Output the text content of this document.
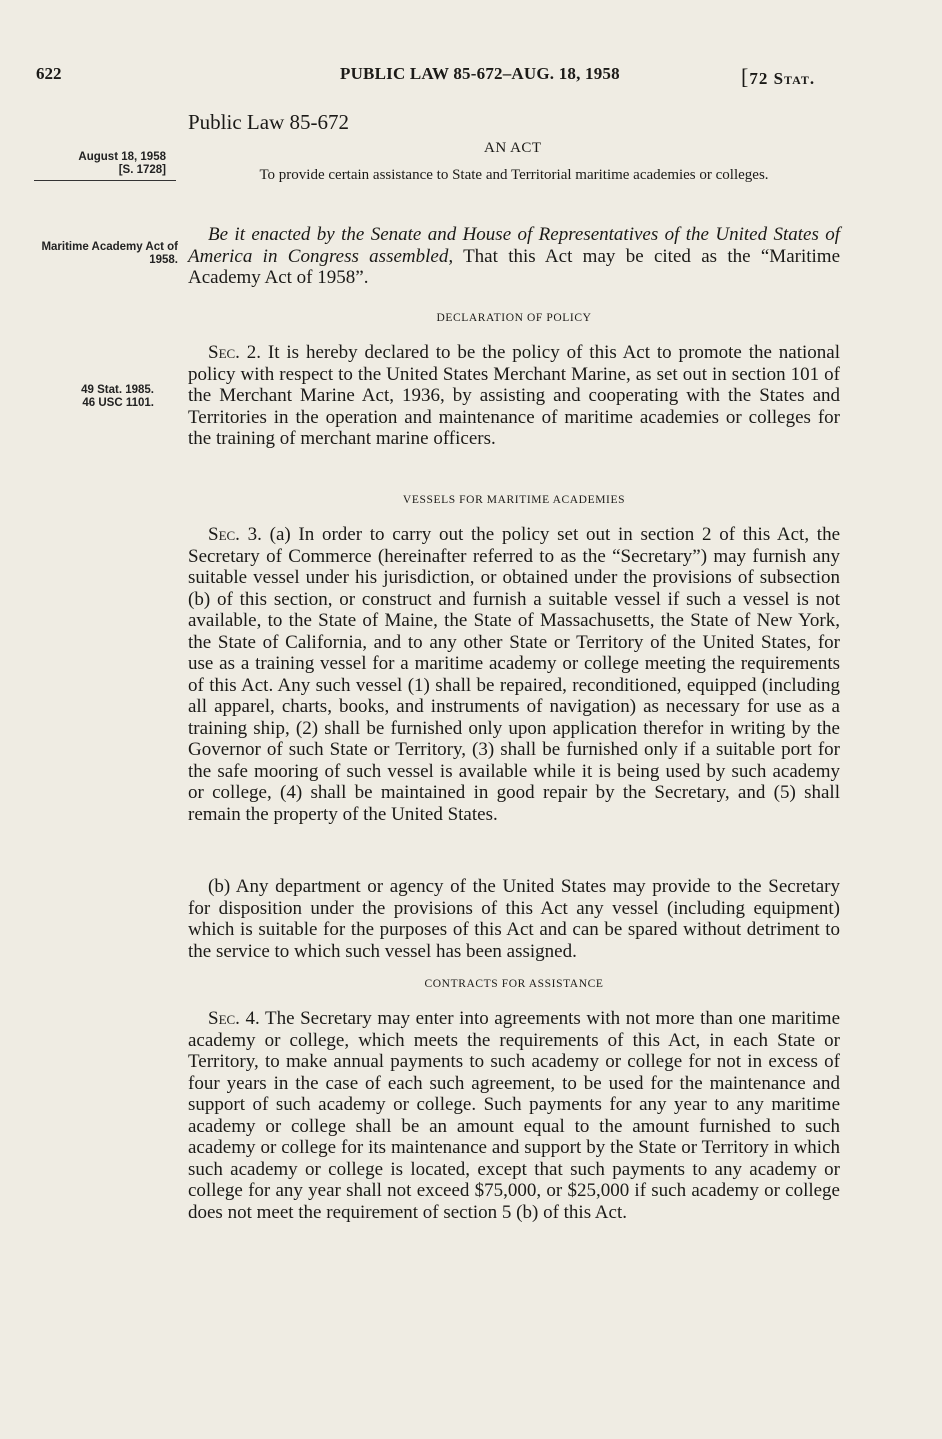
622	PUBLIC LAW 85-672–AUG. 18, 1958	[72 Stat.
August 18, 1958
[S. 1728]
Maritime Academy Act of 1958.
49 Stat. 1985.
46 USC 1101.
Public Law 85-672
AN ACT
To provide certain assistance to State and Territorial maritime academies or colleges.
Be it enacted by the Senate and House of Representatives of the United States of America in Congress assembled, That this Act may be cited as the “Maritime Academy Act of 1958”.
DECLARATION OF POLICY
Sec. 2. It is hereby declared to be the policy of this Act to promote the national policy with respect to the United States Merchant Marine, as set out in section 101 of the Merchant Marine Act, 1936, by assisting and cooperating with the States and Territories in the operation and maintenance of maritime academies or colleges for the training of merchant marine officers.
VESSELS FOR MARITIME ACADEMIES
Sec. 3. (a) In order to carry out the policy set out in section 2 of this Act, the Secretary of Commerce (hereinafter referred to as the “Secretary”) may furnish any suitable vessel under his jurisdiction, or obtained under the provisions of subsection (b) of this section, or construct and furnish a suitable vessel if such a vessel is not available, to the State of Maine, the State of Massachusetts, the State of New York, the State of California, and to any other State or Territory of the United States, for use as a training vessel for a maritime academy or college meeting the requirements of this Act. Any such vessel (1) shall be repaired, reconditioned, equipped (including all apparel, charts, books, and instruments of navigation) as necessary for use as a training ship, (2) shall be furnished only upon application therefor in writing by the Governor of such State or Territory, (3) shall be furnished only if a suitable port for the safe mooring of such vessel is available while it is being used by such academy or college, (4) shall be maintained in good repair by the Secretary, and (5) shall remain the property of the United States.
(b) Any department or agency of the United States may provide to the Secretary for disposition under the provisions of this Act any vessel (including equipment) which is suitable for the purposes of this Act and can be spared without detriment to the service to which such vessel has been assigned.
CONTRACTS FOR ASSISTANCE
Sec. 4. The Secretary may enter into agreements with not more than one maritime academy or college, which meets the requirements of this Act, in each State or Territory, to make annual payments to such academy or college for not in excess of four years in the case of each such agreement, to be used for the maintenance and support of such academy or college. Such payments for any year to any maritime academy or college shall be an amount equal to the amount furnished to such academy or college for its maintenance and support by the State or Territory in which such academy or college is located, except that such payments to any academy or college for any year shall not exceed $75,000, or $25,000 if such academy or college does not meet the requirement of section 5 (b) of this Act.
